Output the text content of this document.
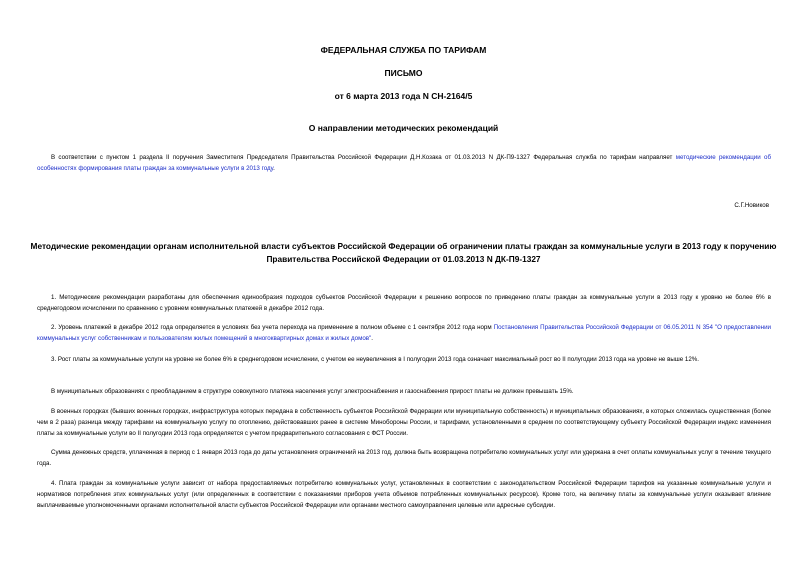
ФЕДЕРАЛЬНАЯ СЛУЖБА ПО ТАРИФАМ
ПИСЬМО
от 6 марта 2013 года N СН-2164/5
О направлении методических рекомендаций
В соответствии с пунктом 1 раздела II поручения Заместителя Председателя Правительства Российской Федерации Д.Н.Козака от 01.03.2013 N ДК-П9-1327 Федеральная служба по тарифам направляет методические рекомендации об особенностях формирования платы граждан за коммунальные услуги в 2013 году.
С.Г.Новиков
Методические рекомендации органам исполнительной власти субъектов Российской Федерации об ограничении платы граждан за коммунальные услуги в 2013 году к поручению Правительства Российской Федерации от 01.03.2013 N ДК-П9-1327
1. Методические рекомендации разработаны для обеспечения единообразия подходов субъектов Российской Федерации к решению вопросов по приведению платы граждан за коммунальные услуги в 2013 году к уровню не более 6% в среднегодовом исчислении по сравнению с уровнем коммунальных платежей в декабре 2012 года.
2. Уровень платежей в декабре 2012 года определяется в условиях без учета перехода на применение в полном объеме с 1 сентября 2012 года норм Постановления Правительства Российской Федерации от 06.05.2011 N 354 "О предоставлении коммунальных услуг собственникам и пользователям жилых помещений в многоквартирных домах и жилых домов".
3. Рост платы за коммунальные услуги на уровне не более 6% в среднегодовом исчислении, с учетом ее неувеличения в I полугодии 2013 года означает максимальный рост во II полугодии 2013 года на уровне не выше 12%.
В муниципальных образованиях с преобладанием в структуре совокупного платежа населения услуг электроснабжения и газоснабжения прирост платы не должен превышать 15%.
В военных городках (бывших военных городках, инфраструктура которых передана в собственность субъектов Российской Федерации или муниципальную собственность) и муниципальных образованиях, в которых сложилась существенная (более чем в 2 раза) разница между тарифами на коммунальную услугу по отоплению, действовавших ранее в системе Минобороны России, и тарифами, установленными в среднем по соответствующему субъекту Российской Федерации индекс изменения платы за коммунальные услуги во II полугодии 2013 года определяется с учетом предварительного согласования с ФСТ России.
Сумма денежных средств, уплаченная в период с 1 января 2013 года до даты установления ограничений на 2013 год, должна быть возвращена потребителю коммунальных услуг или удержана в счет оплаты коммунальных услуг в течение текущего года.
4. Плата граждан за коммунальные услуги зависит от набора предоставляемых потребителю коммунальных услуг, установленных в соответствии с законодательством Российской Федерации тарифов на указанные коммунальные услуги и нормативов потребления этих коммунальных услуг (или определенных в соответствии с показаниями приборов учета объемов потребленных коммунальных ресурсов). Кроме того, на величину платы за коммунальные услуги оказывает влияние выплачиваемые уполномоченными органами исполнительной власти субъектов Российской Федерации или органами местного самоуправления целевые или адресные субсидии.
